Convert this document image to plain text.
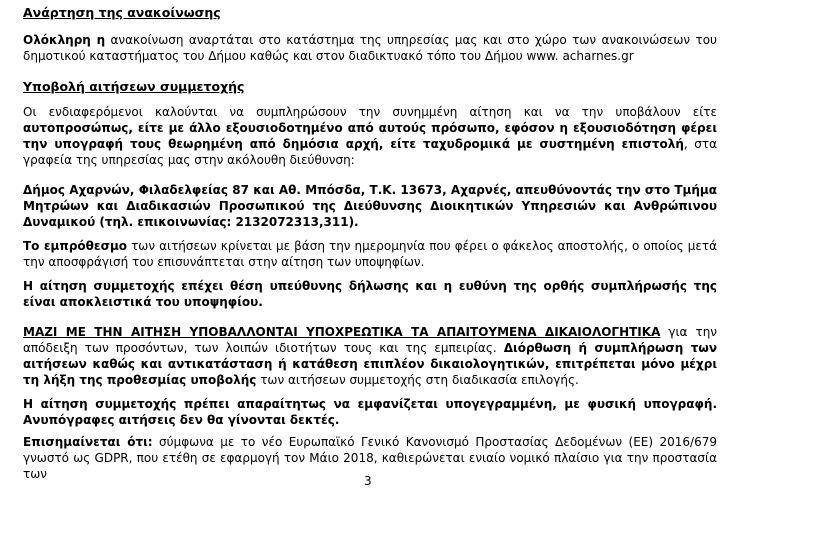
Ανάρτηση της ανακοίνωσης

Ολόκληρη η ανακοίνωση αναρτάται στο κατάστημα της υπηρεσίας μας και στο χώρο των ανακοινώσεων του δημοτικού καταστήματος του Δήμου καθώς και στον διαδικτυακό τόπο του Δήμου www. acharnes.gr

Υποβολή αιτήσεων συμμετοχής

Οι ενδιαφερόμενοι καλούνται να συμπληρώσουν την συνημμένη αίτηση και να την υποβάλουν είτε αυτοπροσώπως, είτε με άλλο εξουσιοδοτημένο από αυτούς πρόσωπο, εφόσον η εξουσιοδότηση φέρει την υπογραφή τους θεωρημένη από δημόσια αρχή, είτε ταχυδρομικά με συστημένη επιστολή, στα γραφεία της υπηρεσίας μας στην ακόλουθη διεύθυνση:

Δήμος Αχαρνών, Φιλαδελφείας 87 και Αθ. Μπόσδα, Τ.Κ. 13673, Αχαρνές, απευθύνοντάς την στο Τμήμα Μητρώων και Διαδικασιών Προσωπικού της Διεύθυνσης Διοικητικών Υπηρεσιών και Ανθρώπινου Δυναμικού (τηλ. επικοινωνίας: 2132072313,311).

Το εμπρόθεσμο των αιτήσεων κρίνεται με βάση την ημερομηνία που φέρει ο φάκελος αποστολής, ο οποίος μετά την αποσφράγισή του επισυνάπτεται στην αίτηση των υποψηφίων.

Η αίτηση συμμετοχής επέχει θέση υπεύθυνης δήλωσης και η ευθύνη της ορθής συμπλήρωσής της είναι αποκλειστικά του υποψηφίου.

ΜΑΖΙ ΜΕ ΤΗΝ ΑΙΤΗΣΗ ΥΠΟΒΑΛΛΟΝΤΑΙ ΥΠΟΧΡΕΩΤΙΚΑ ΤΑ ΑΠΑΙΤΟΥΜΕΝΑ ΔΙΚΑΙΟΛΟΓΗΤΙΚΑ για την απόδειξη των προσόντων, των λοιπών ιδιοτήτων τους και της εμπειρίας. Διόρθωση ή συμπλήρωση των αιτήσεων καθώς και αντικατάσταση ή κατάθεση επιπλέον δικαιολογητικών, επιτρέπεται μόνο μέχρι τη λήξη της προθεσμίας υποβολής των αιτήσεων συμμετοχής στη διαδικασία επιλογής.

Η αίτηση συμμετοχής πρέπει απαραίτητως να εμφανίζεται υπογεγραμμένη, με φυσική υπογραφή. Ανυπόγραφες αιτήσεις δεν θα γίνονται δεκτές.

Επισημαίνεται ότι: σύμφωνα με το νέο Ευρωπαϊκό Γενικό Κανονισμό Προστασίας Δεδομένων (ΕΕ) 2016/679 γνωστό ως GDPR, που ετέθη σε εφαρμογή τον Μάιο 2018, καθιερώνεται ενιαίο νομικό πλαίσιο για την προστασία των	3
